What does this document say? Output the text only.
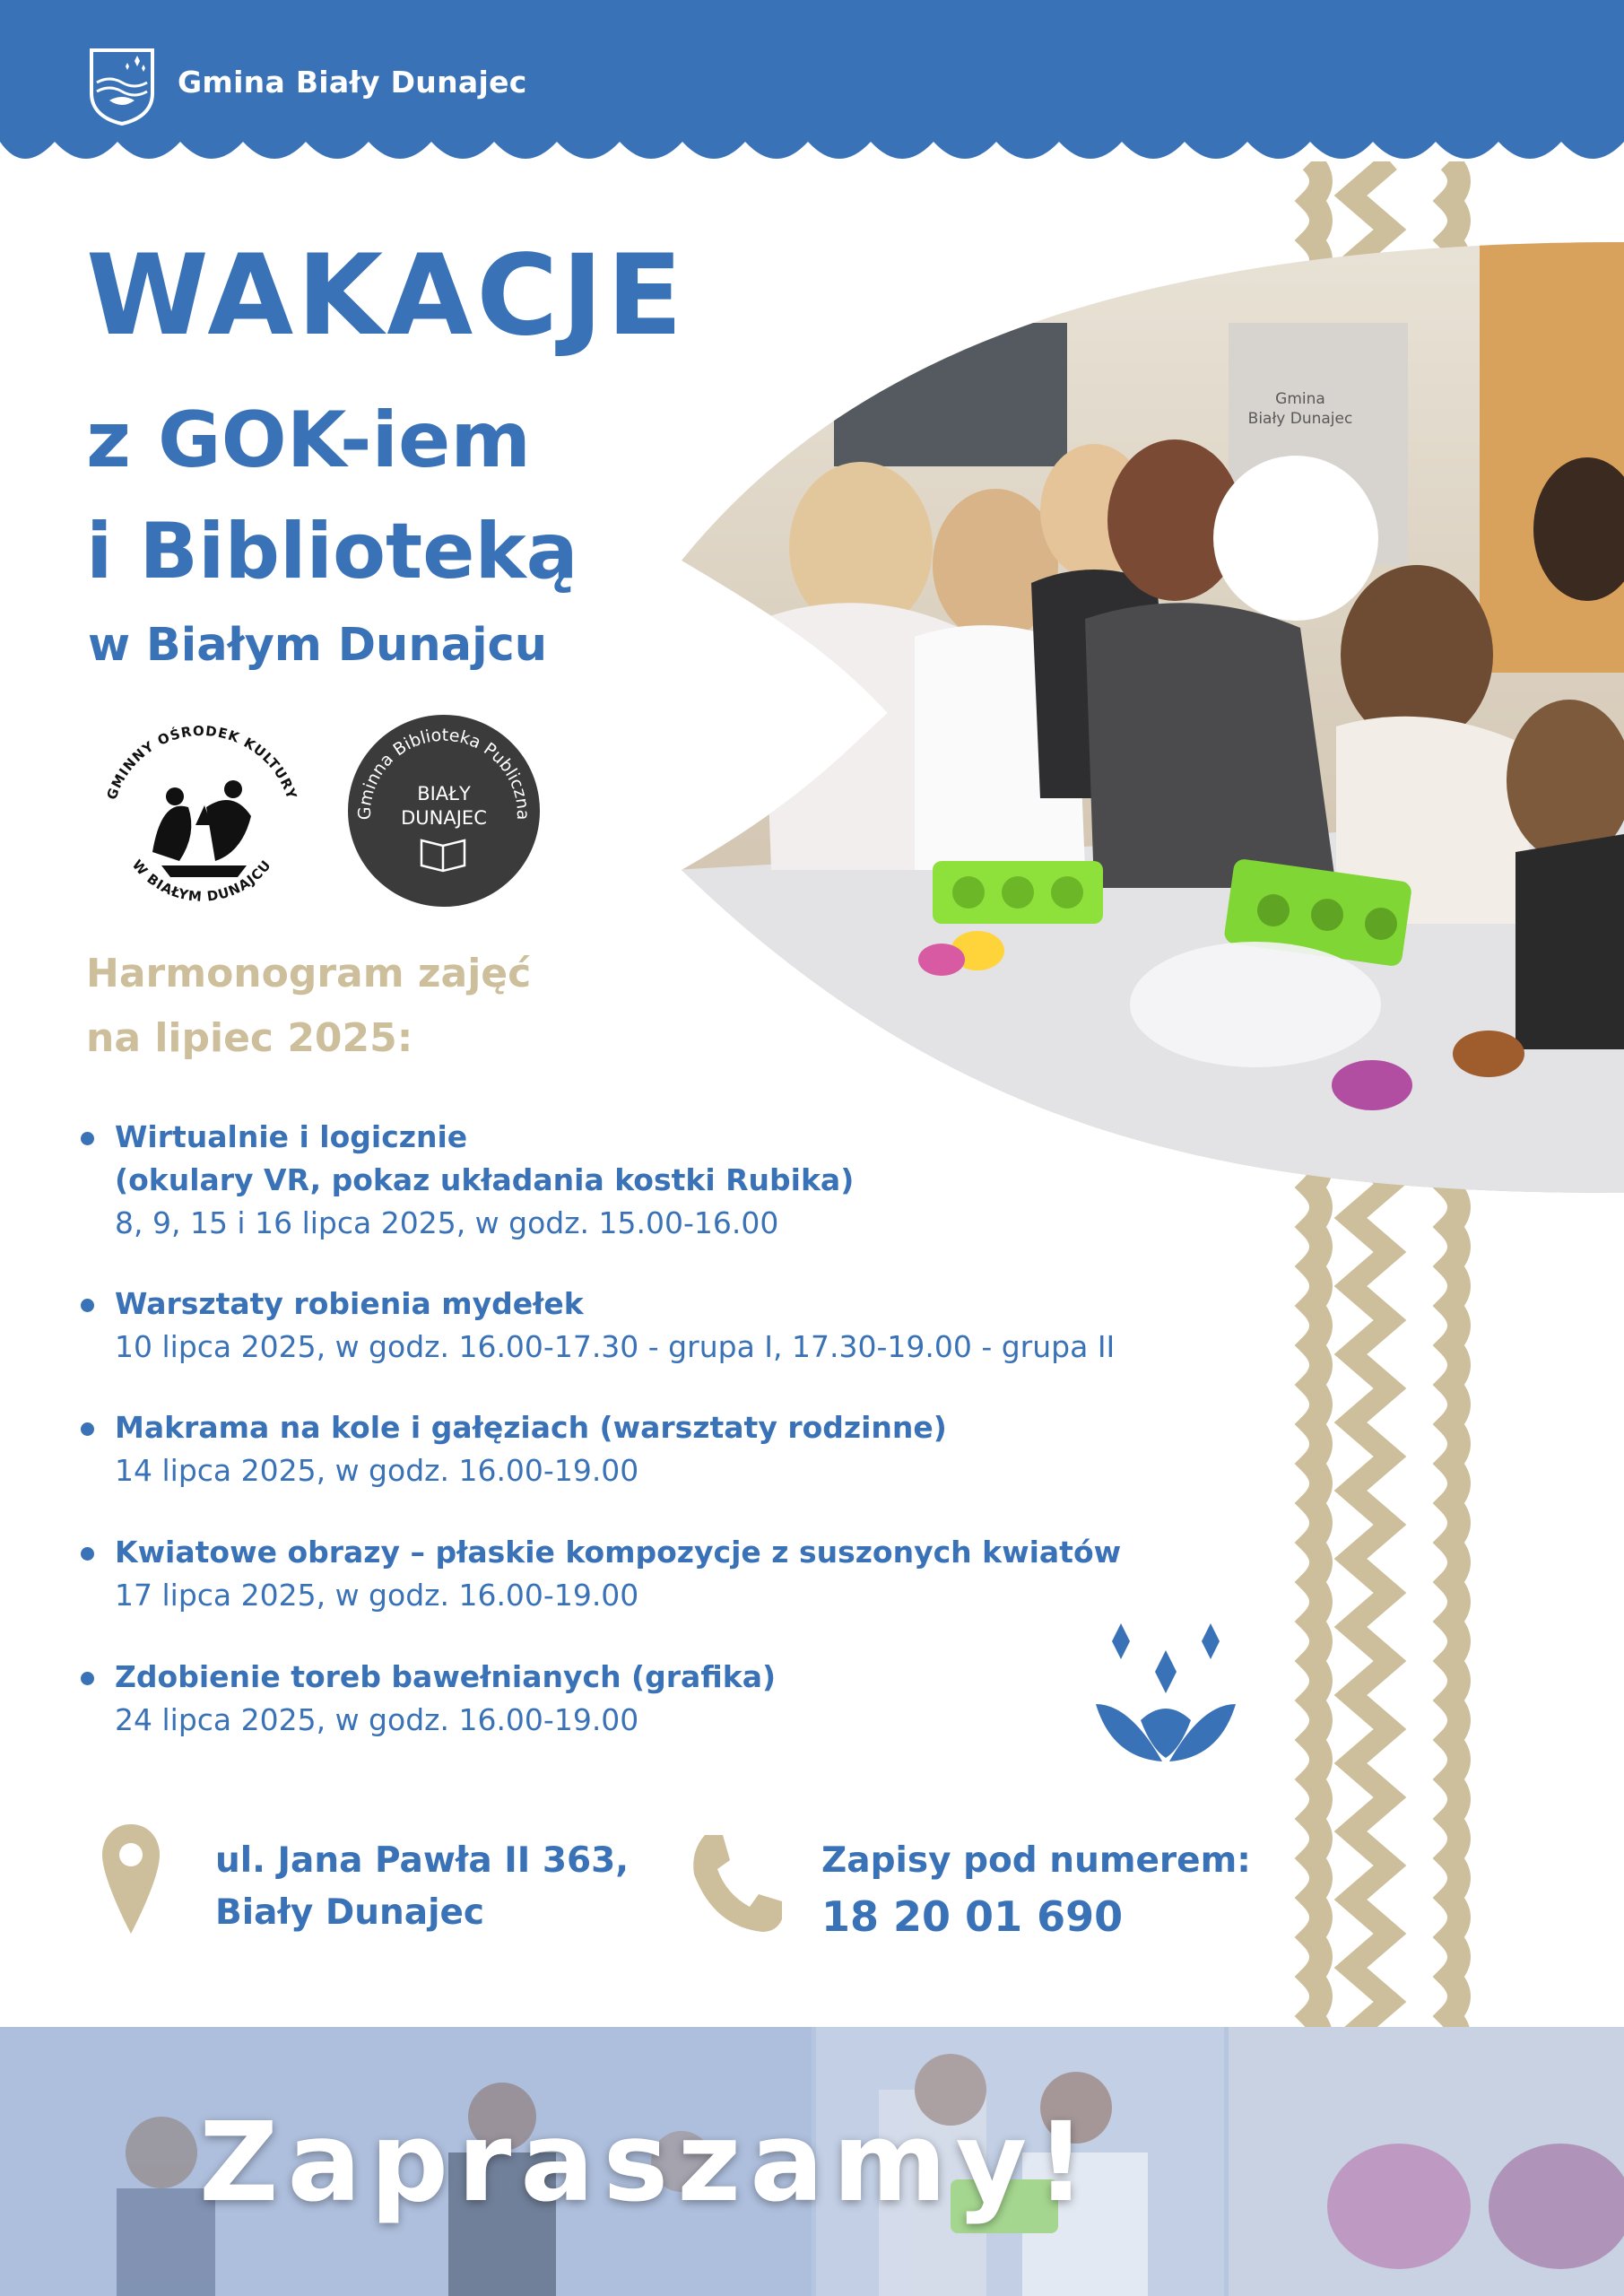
Gmina Biały Dunajec
WAKACJE
z GOK-iem
i Biblioteką
w Białym Dunajcu
Gmina
Biały Dunajec
GMINNY OŚRODEK KULTURY
W BIAŁYM DUNAJCU
Gminna Biblioteka Publiczna
BIAŁY
DUNAJEC
Harmonogram zajęć
na lipiec 2025:
Wirtualnie i logicznie
(okulary VR, pokaz układania kostki Rubika)
8, 9, 15 i 16 lipca 2025, w godz. 15.00-16.00
Warsztaty robienia mydełek
10 lipca 2025, w godz. 16.00-17.30 - grupa I, 17.30-19.00 - grupa II
Makrama na kole i gałęziach (warsztaty rodzinne)
14 lipca 2025, w godz. 16.00-19.00
Kwiatowe obrazy – płaskie kompozycje z suszonych kwiatów
17 lipca 2025, w godz. 16.00-19.00
Zdobienie toreb bawełnianych (grafika)
24 lipca 2025, w godz. 16.00-19.00
ul. Jana Pawła II 363,
Biały Dunajec
Zapisy pod numerem:
18 20 01 690
Zapraszamy!
